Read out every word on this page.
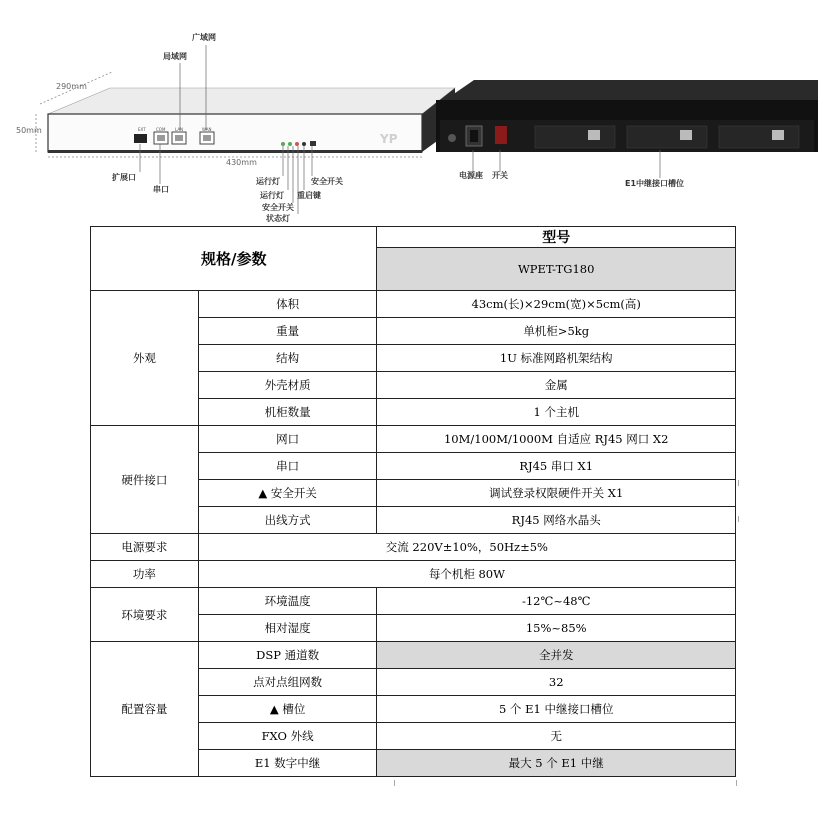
YP
广域网
局域网
290mm
50mm
430mm
EXT	COM LAN	WAN
扩展口
串口
运行灯
运行灯
安全开关
状态灯
重启键
安全开关
电源座 开关
E1中继接口槽位
规格/参数		型号
		WPET-TG180
外观	体积	43cm(长)×29cm(宽)×5cm(高)
	重量	单机柜>5kg
	结构	1U 标准网路机架结构
	外壳材质	金属
	机柜数量	1 个主机
硬件接口	网口	10M/100M/1000M 自适应 RJ45 网口 X2
	串口	RJ45 串口 X1
	▲ 安全开关	调试登录权限硬件开关 X1
	出线方式	RJ45 网络水晶头
电源要求	交流 220V±10%，50Hz±5%	
功率	每个机柜 80W	
环境要求	环境温度	-12℃~48℃
	相对湿度	15%~85%
配置容量	DSP 通道数	全并发
	点对点组网数	32
	▲ 槽位	5 个 E1 中继接口槽位
	FXO 外线	无
	E1 数字中继	最大 5 个 E1 中继
